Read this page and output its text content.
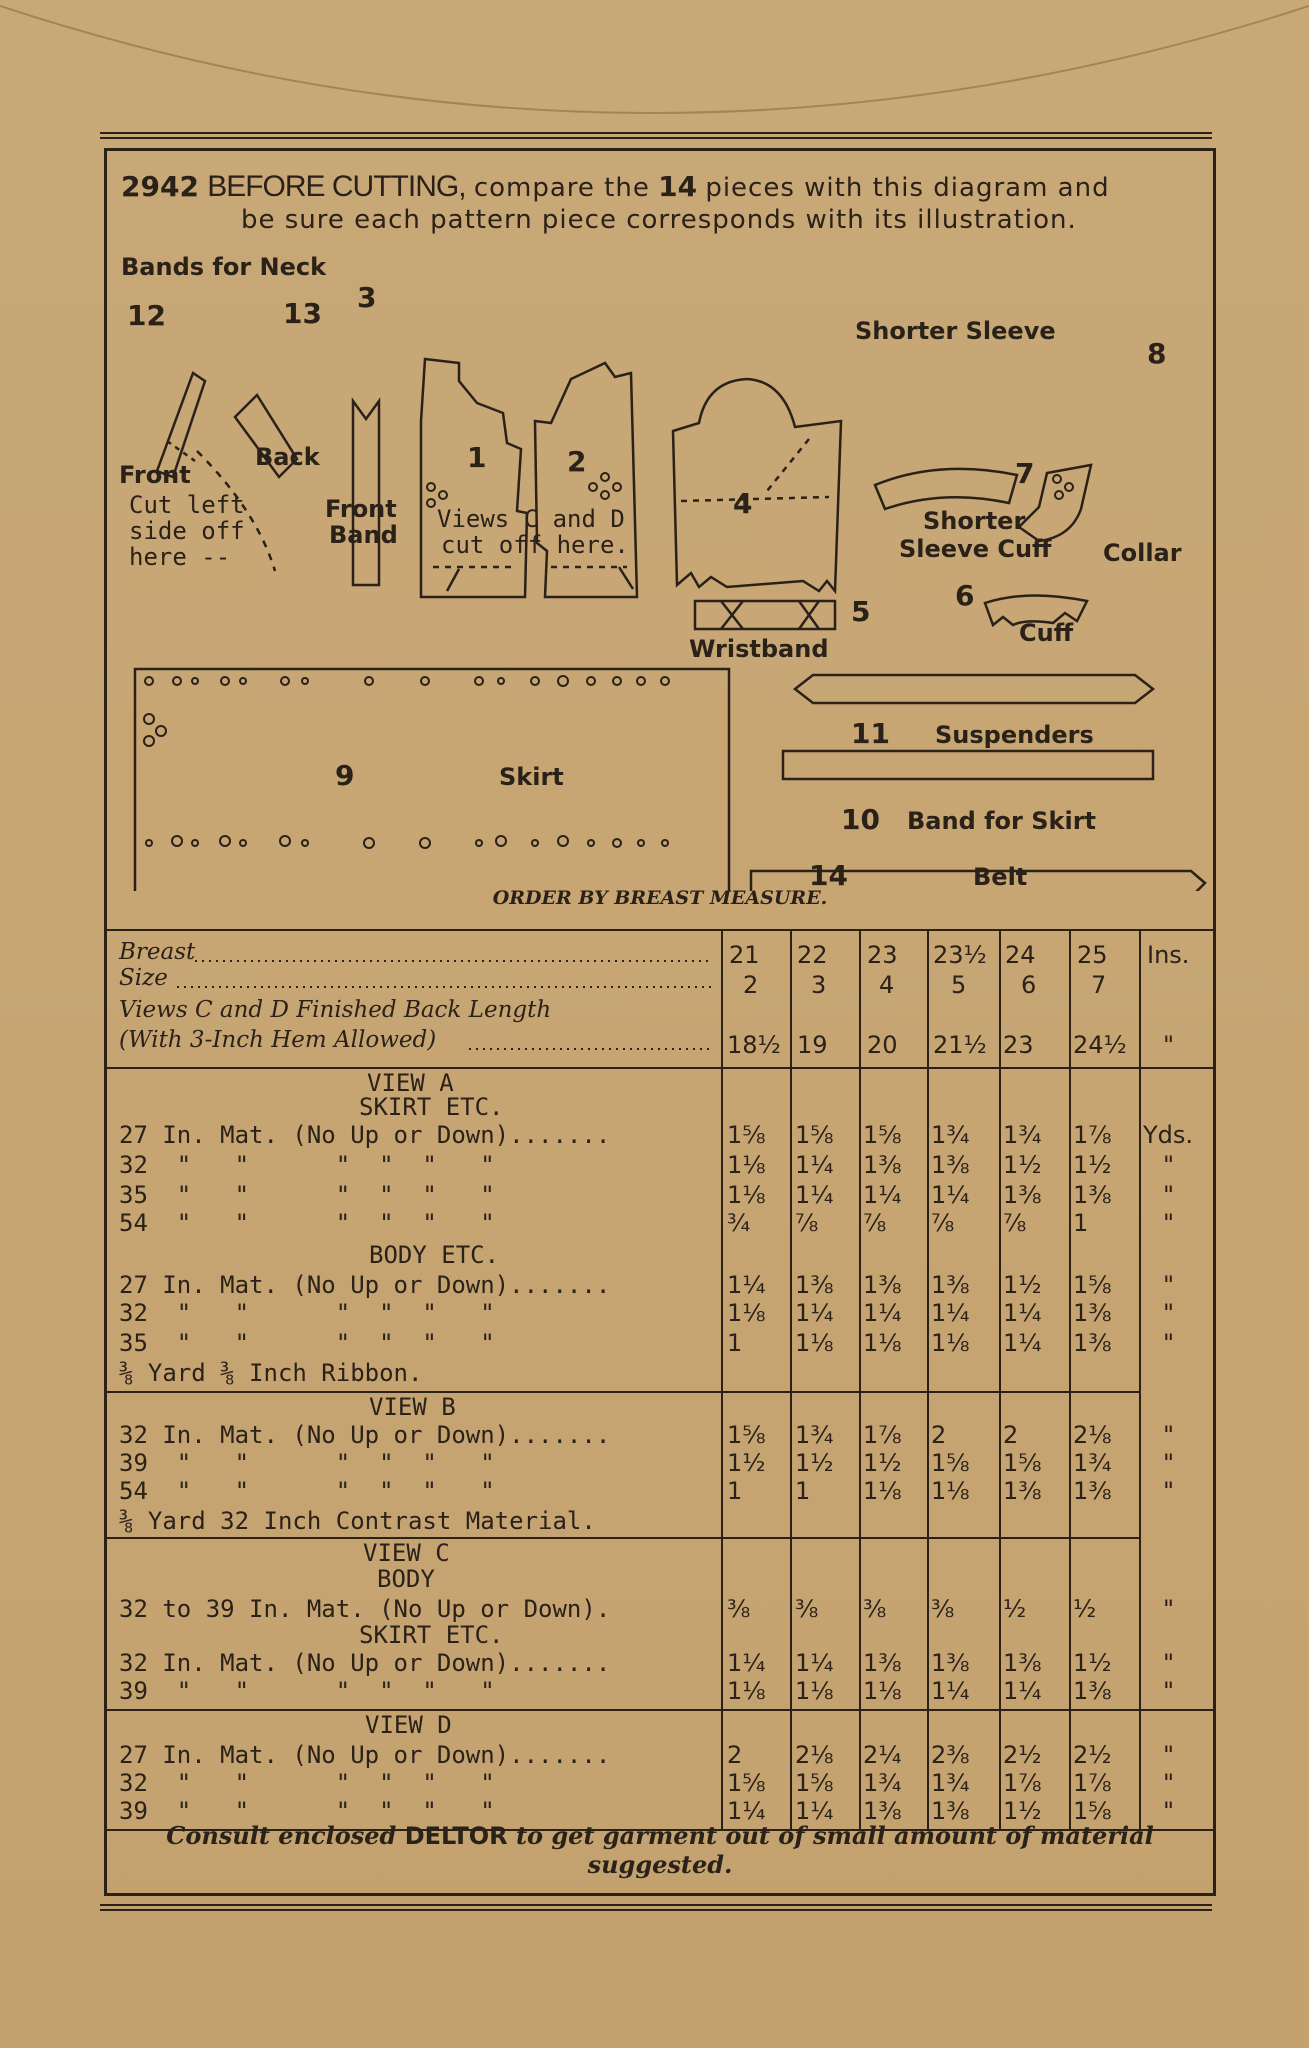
2942 BEFORE CUTTING, compare the 14 pieces with this diagram and
be sure each pattern piece corresponds with its illustration.
Bands for Neck
12	13 3
Front
Back
Cut left
side off
here --
Front
Band
1	2
Views C and D
cut off here.
Shorter Sleeve
4
7
Shorter
Sleeve Cuff
8
Collar
5
Wristband
6
Cuff
9	Skirt
11 Suspenders
10 Band for Skirt
14	Belt
ORDER BY BREAST MEASURE.
Breast
Size
Views C and D Finished Back Length
(With 3-Inch Hem Allowed)
21 22 23 23½ 24 25 Ins.
2 3 4 5 6 7
18½ 19 20 21½ 23 24½ "
VIEW A
SKIRT ETC.
BODY ETC.
VIEW B
VIEW C
BODY
SKIRT ETC.
VIEW D
27 In. Mat. (No Up or Down).......	1⅝ 1⅝ 1⅝ 1¾ 1¾ 1⅞ Yds.
32  "   "      "  "  "   "	1⅛ 1¼ 1⅜ 1⅜ 1½ 1½ "
35  "   "      "  "  "   "	1⅛ 1¼ 1¼ 1¼ 1⅜ 1⅜ "
54  "   "      "  "  "   "	¾ ⅞ ⅞ ⅞ ⅞ 1	"
27 In. Mat. (No Up or Down).......	1¼ 1⅜ 1⅜ 1⅜ 1½ 1⅝ "
32  "   "      "  "  "   "	1⅛ 1¼ 1¼ 1¼ 1¼ 1⅜ "
35  "   "      "  "  "   "	1 1⅛ 1⅛ 1⅛ 1¼ 1⅜ "
⅜ Yard ⅜ Inch Ribbon.
32 In. Mat. (No Up or Down).......	1⅝ 1¾ 1⅞ 2 2 2⅛ "
39  "   "      "  "  "   "	1½ 1½ 1½ 1⅝ 1⅝ 1¾ "
54  "   "      "  "  "   "	1 1 1⅛ 1⅛ 1⅜ 1⅜ "
⅜ Yard 32 Inch Contrast Material.
32 to 39 In. Mat. (No Up or Down).	⅜ ⅜ ⅜ ⅜ ½ ½	"
32 In. Mat. (No Up or Down).......	1¼ 1¼ 1⅜ 1⅜ 1⅜ 1½ "
39  "   "      "  "  "   "	1⅛ 1⅛ 1⅛ 1¼ 1¼ 1⅜ "
27 In. Mat. (No Up or Down).......	2 2⅛ 2¼ 2⅜ 2½ 2½ "
32  "   "      "  "  "   "	1⅝ 1⅝ 1¾ 1¾ 1⅞ 1⅞ "
39  "   "      "  "  "   "	1¼ 1¼ 1⅜ 1⅜ 1½ 1⅝ "
Consult enclosed DELTOR to get garment out of small amount of material suggested.
